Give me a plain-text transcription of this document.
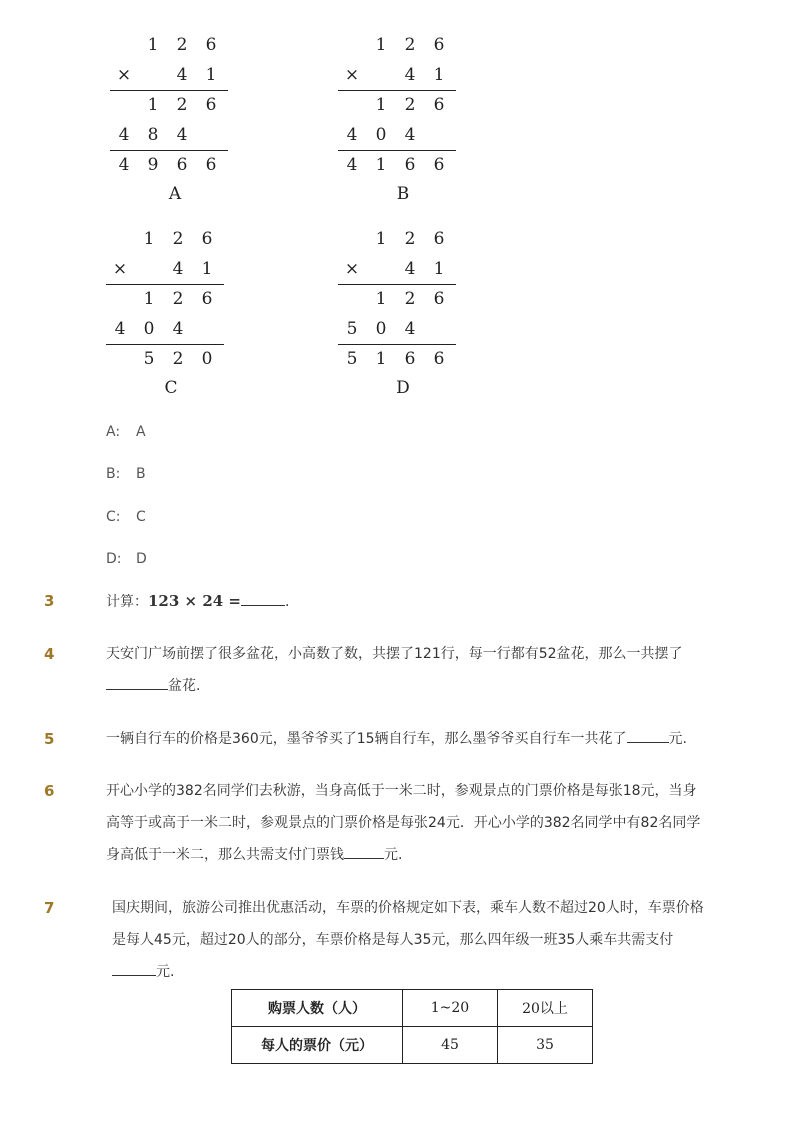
1	2	6
×	4	1
1	2	6
4	8	4
4	9	6	6
A
1	2	6
×	4	1
1	2	6
4	0	4
4	1	6	6
B
1	2	6
×	4	1
1	2	6
4	0	4
5	2	0
C
1	2	6
×	4	1
1	2	6
5	0	4
5	1	6	6
D
A: A
B: B
C: C
D: D
3	计算：123 × 24 =	.
4	天安门广场前摆了很多盆花，小高数了数，共摆了121行，每一行都有52盆花，那么一共摆了
盆花.
5	一辆自行车的价格是360元，墨爷爷买了15辆自行车，那么墨爷爷买自行车一共花了	元.
6	开心小学的382名同学们去秋游，当身高低于一米二时，参观景点的门票价格是每张18元，当身
高等于或高于一米二时，参观景点的门票价格是每张24元．开心小学的382名同学中有82名同学
身高低于一米二，那么共需支付门票钱	元.
7	国庆期间，旅游公司推出优惠活动，车票的价格规定如下表，乘车人数不超过20人时，车票价格
是每人45元，超过20人的部分，车票价格是每人35元，那么四年级一班35人乘车共需支付
元.
购票人数（人）	1~20	20以上
每人的票价（元）	45	35
